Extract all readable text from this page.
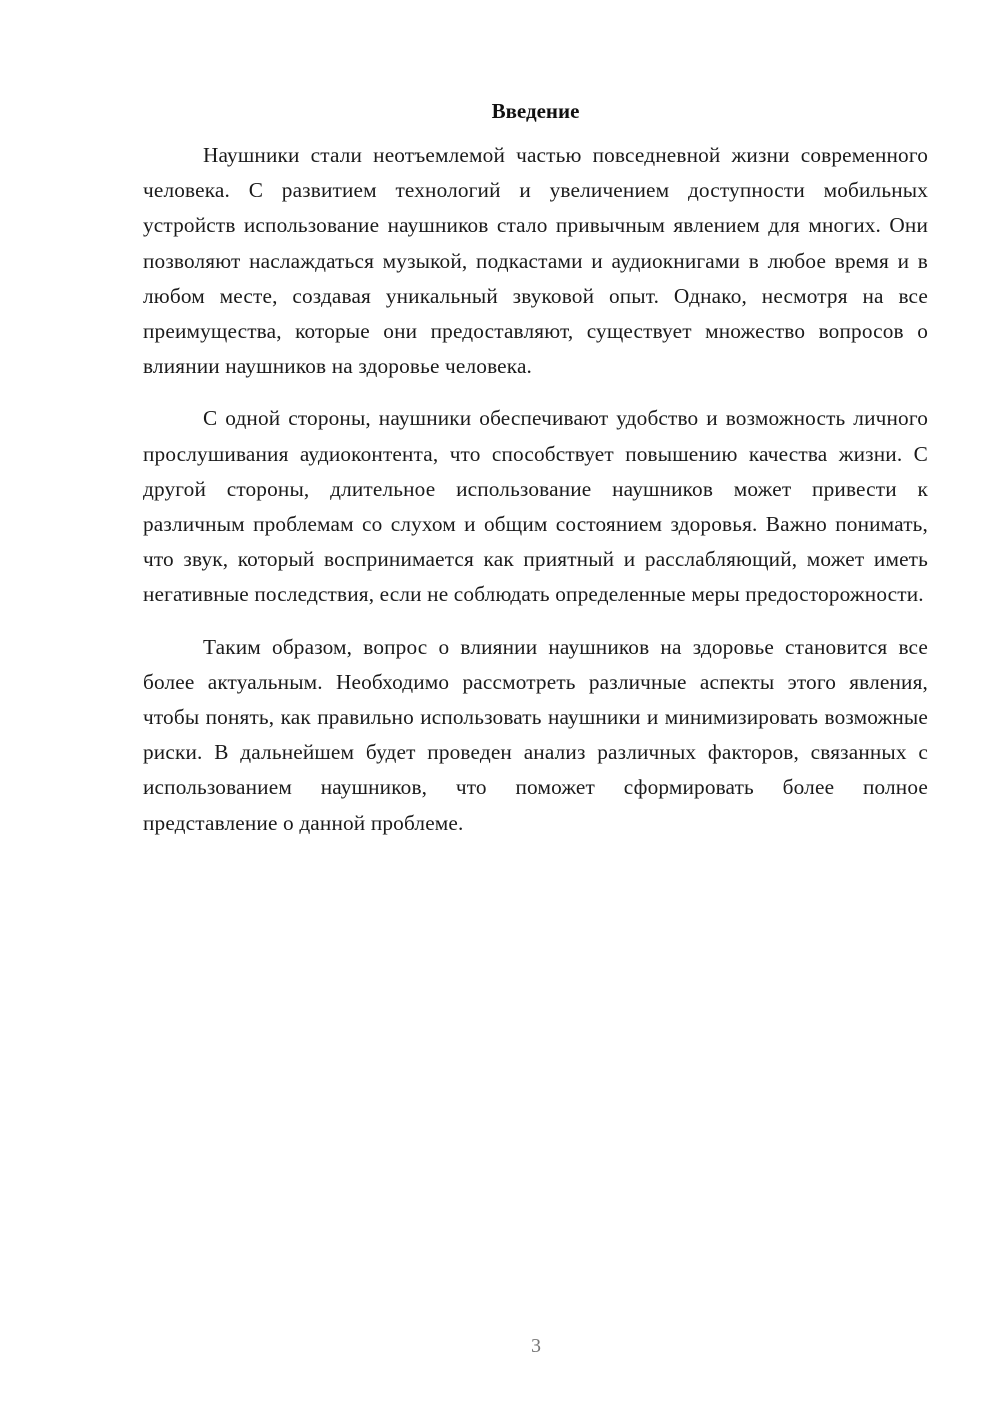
Введение

Наушники стали неотъемлемой частью повседневной жизни современного человека. С развитием технологий и увеличением доступности мобильных устройств использование наушников стало привычным явлением для многих. Они позволяют наслаждаться музыкой, подкастами и аудиокнигами в любое время и в любом месте, создавая уникальный звуковой опыт. Однако, несмотря на все преимущества, которые они предоставляют, существует множество вопросов о влиянии наушников на здоровье человека.

С одной стороны, наушники обеспечивают удобство и возможность личного прослушивания аудиоконтента, что способствует повышению качества жизни. С другой стороны, длительное использование наушников может привести к различным проблемам со слухом и общим состоянием здоровья. Важно понимать, что звук, который воспринимается как приятный и расслабляющий, может иметь негативные последствия, если не соблюдать определенные меры предосторожности.

Таким образом, вопрос о влиянии наушников на здоровье становится все более актуальным. Необходимо рассмотреть различные аспекты этого явления, чтобы понять, как правильно использовать наушники и минимизировать возможные риски. В дальнейшем будет проведен анализ различных факторов, связанных с использованием наушников, что поможет сформировать более полное представление о данной проблеме.

3
